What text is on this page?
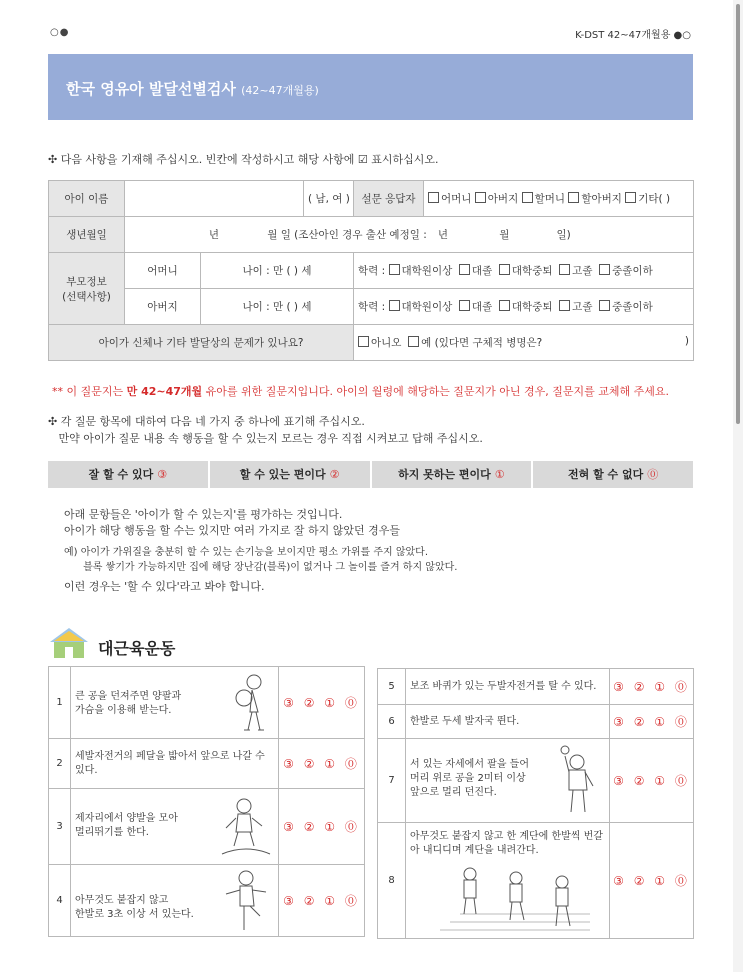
○●	K-DST 42~47개월용 ●○
한국 영유아 발달선별검사 (42~47개월용)
✣ 다음 사항을 기재해 주십시오. 빈칸에 작성하시고 해당 사항에 ☑ 표시하십시오.
아이 이름			( 남, 여 )	설문 응답자	어머니 아버지 할머니 할아버지 기타( )
생년월일	년 월 일 (조산아인 경우 출산 예정일 : 년 월 일)				

부모정보
(선택사항)	어머니	나이 : 만 ( ) 세		학력 : 대학원이상 대졸 대학중퇴 고졸 중졸이하	
	아버지	나이 : 만 ( ) 세		학력 : 대학원이상 대졸 대학중퇴 고졸 중졸이하	
아이가 신체나 기타 발달상의 문제가 있나요?				아니오 예 (있다면 구체적 병명은? )	
** 이 질문지는 만 42~47개월 유아를 위한 질문지입니다. 아이의 월령에 해당하는 질문지가 아닌 경우, 질문지를 교체해 주세요.
✣ 각 질문 항목에 대하여 다음 네 가지 중 하나에 표기해 주십시오.
만약 아이가 질문 내용 속 행동을 할 수 있는지 모르는 경우 직접 시켜보고 답해 주십시오.
잘 할 수 있다 ③	할 수 있는 편이다 ②	하지 못하는 편이다 ①	전혀 할 수 없다 ⓪
아래 문항들은 '아이가 할 수 있는지'를 평가하는 것입니다.
아이가 해당 행동을 할 수는 있지만 여러 가지로 잘 하지 않았던 경우들
예) 아이가 가위질을 충분히 할 수 있는 손기능을 보이지만 평소 가위를 주지 않았다.
블록 쌓기가 가능하지만 집에 해당 장난감(블록)이 없거나 그 놀이를 즐겨 하지 않았다.
이런 경우는 '할 수 있다'라고 봐야 합니다.
대근육운동
1	큰 공을 던져주면 양팔과
가슴을 이용해 받는다.	③ ② ① ⓪
2	세발자전거의 페달을 밟아서 앞으로 나갈 수 있다.	③ ② ① ⓪
3	제자리에서 양발을 모아
멀리뛰기를 한다.	③ ② ① ⓪
4	아무것도 붙잡지 않고
한발로 3초 이상 서 있는다.	③ ② ① ⓪
5	보조 바퀴가 있는 두발자전거를 탈 수 있다.	③ ② ① ⓪
6	한발로 두세 발자국 뛴다.	③ ② ① ⓪
7	서 있는 자세에서 팔을 들어
머리 위로 공을 2미터 이상
앞으로 멀리 던진다.	③ ② ① ⓪
8	아무것도 붙잡지 않고 한 계단에 한발씩 번갈아 내디디며 계단을 내려간다.	③ ② ① ⓪
